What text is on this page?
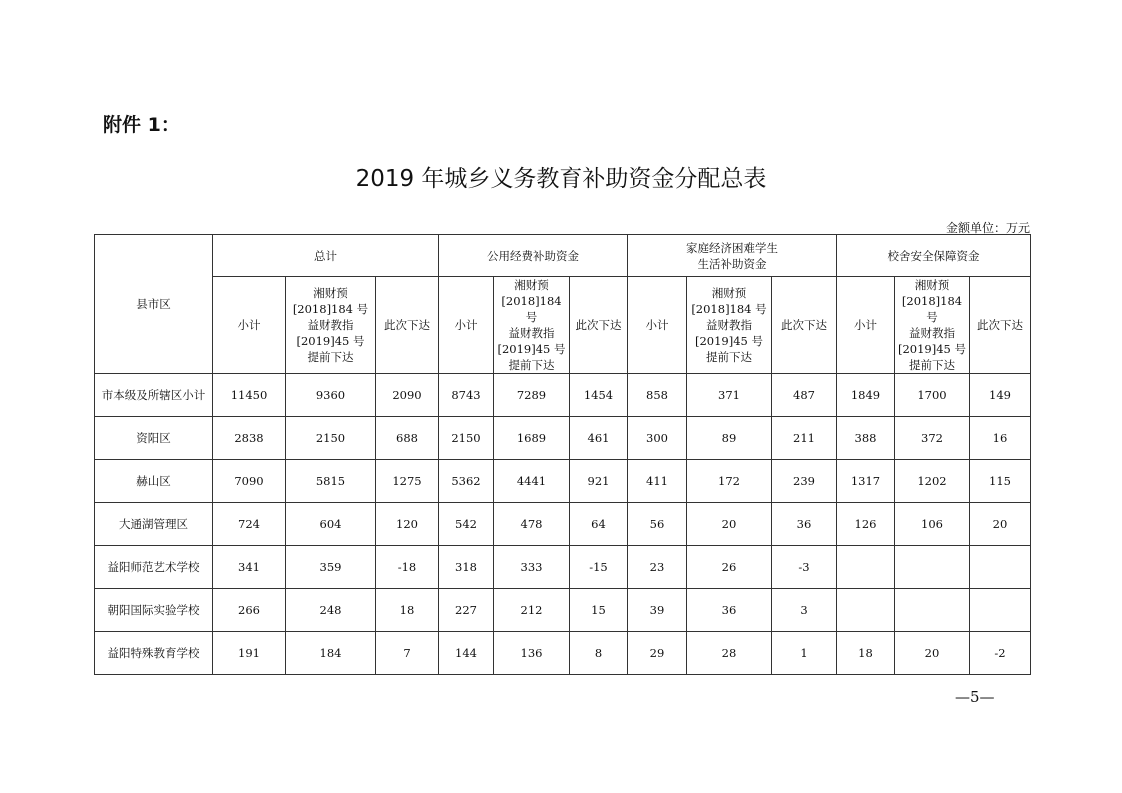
附件 1：
2019 年城乡义务教育补助资金分配总表
金额单位：万元
县市区	总计			公用经费补助资金			家庭经济困难学生
生活补助资金			校舍安全保障资金		
	小计	湘财预
[2018]184 号
益财教指
[2019]45 号
提前下达	此次下达	小计	湘财预
[2018]184 号
益财教指
[2019]45 号
提前下达	此次下达	小计	湘财预
[2018]184 号
益财教指
[2019]45 号
提前下达	此次下达	小计	湘财预
[2018]184 号
益财教指
[2019]45 号
提前下达	此次下达
市本级及所辖区小计	11450	9360	2090	8743	7289	1454	858	371	487	1849	1700	149
资阳区	2838	2150	688	2150	1689	461	300	89	211	388	372	16
赫山区	7090	5815	1275	5362	4441	921	411	172	239	1317	1202	115
大通湖管理区	724	604	120	542	478	64	56	20	36	126	106	20
益阳师范艺术学校	341	359	-18	318	333	-15	23	26	-3			
朝阳国际实验学校	266	248	18	227	212	15	39	36	3			
益阳特殊教育学校	191	184	7	144	136	8	29	28	1	18	20	-2
—5—
